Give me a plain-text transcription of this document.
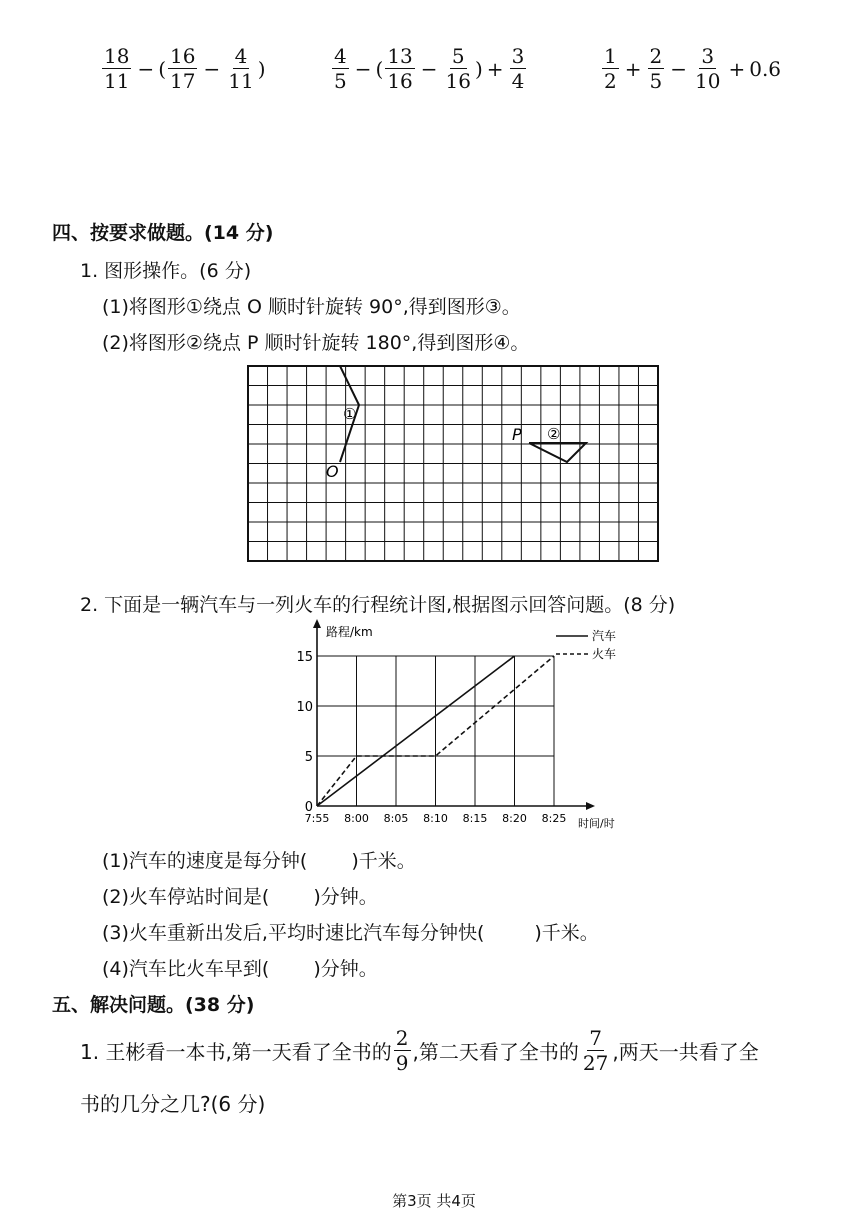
$\frac{18}{11}$ − ( $\frac{16}{17} - \frac{4}{11}$ )	$\frac{4}{5}$ − ( $\frac{13}{16} - \frac{5}{16}$ ) + $\frac{3}{4}$	$\frac{1}{2} + \frac{2}{5} - \frac{3}{10} + 0.6$
四、按要求做题。(14 分)
1. 图形操作。(6 分)
(1)将图形①绕点 O 顺时针旋转 90°,得到图形③。
(2)将图形②绕点 P 顺时针旋转 180°,得到图形④。
①
②
O
P
2. 下面是一辆汽车与一列火车的行程统计图,根据图示回答问题。(8 分)
路程/km
时间/时
0
5
10
15
7:55 8:00 8:05 8:10 8:15 8:20 8:25
汽车
火车
(1)汽车的速度是每分钟( )千米。
(2)火车停站时间是( )分钟。
(3)火车重新出发后,平均时速比汽车每分钟快(	)千米。
(4)汽车比火车早到( )分钟。
五、解决问题。(38 分)
1. 王彬看一本书,第一天看了全书的 $\frac{2}{9}$ ,第二天看了全书的 $\frac{7}{27}$ ,两天一共看了全
书的几分之几?(6 分)
第3页 共4页
